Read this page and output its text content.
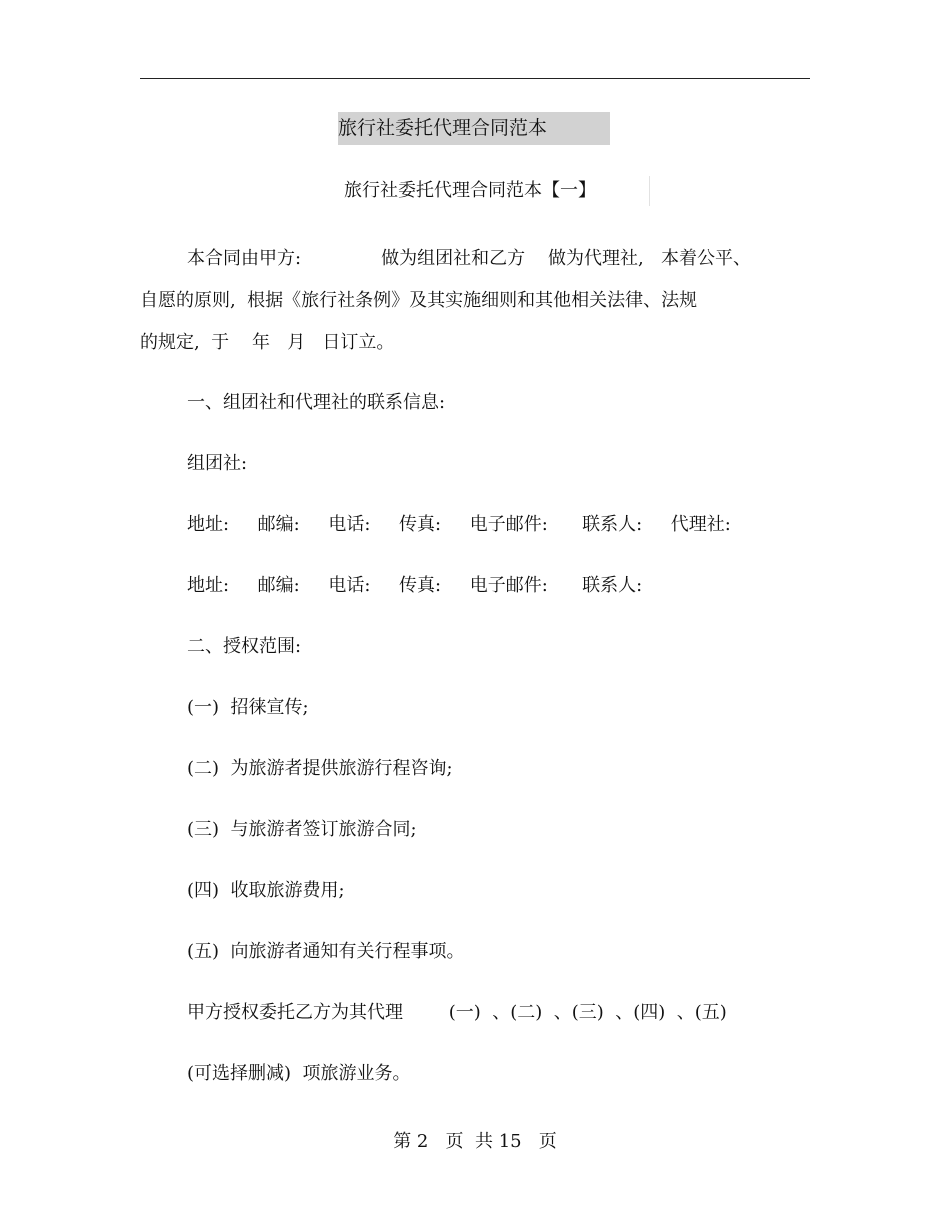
旅行社委托代理合同范本
旅行社委托代理合同范本【一】
本合同由甲方:              做为组团社和乙方    做为代理社,   本着公平、
自愿的原则,  根据《旅行社条例》及其实施细则和其他相关法律、法规
的规定,  于    年   月   日订立。
一、组团社和代理社的联系信息:
组团社:
地址:     邮编:     电话:     传真:     电子邮件:      联系人:     代理社:
地址:     邮编:     电话:     传真:     电子邮件:      联系人:
二、授权范围:
(一)  招徕宣传;
(二)  为旅游者提供旅游行程咨询;
(三)  与旅游者签订旅游合同;
(四)  收取旅游费用;
(五)  向旅游者通知有关行程事项。
甲方授权委托乙方为其代理        (一)  、(二)  、(三)  、(四)  、(五)
(可选择删减)  项旅游业务。
第 2   页  共 15   页
